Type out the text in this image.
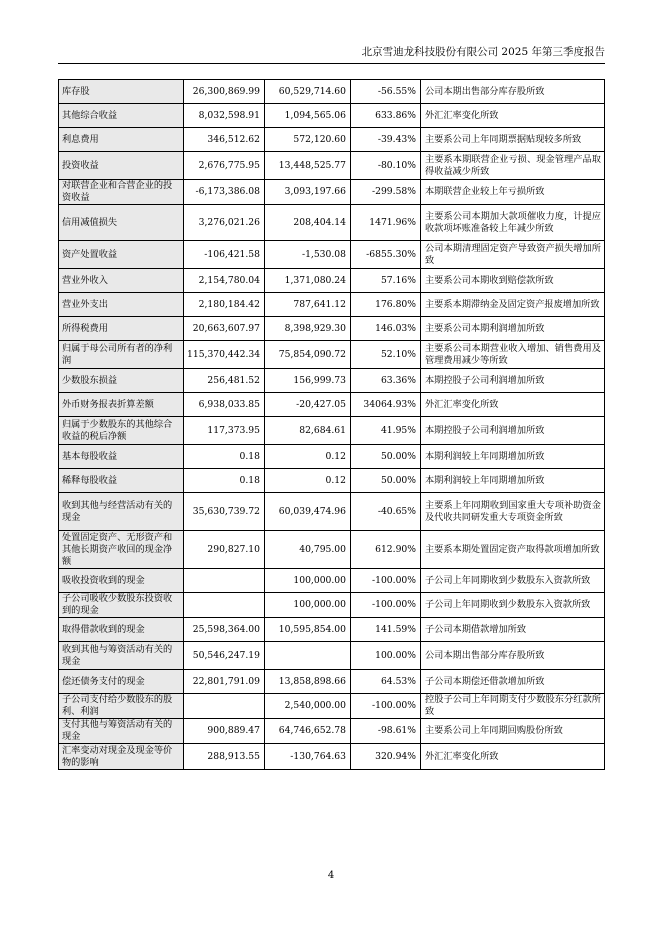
北京雪迪龙科技股份有限公司 2025 年第三季度报告
库存股	26,300,869.99	60,529,714.60	-56.55%	公司本期出售部分库存股所致
其他综合收益	8,032,598.91	1,094,565.06	633.86%	外汇汇率变化所致
利息费用	346,512.62	572,120.60	-39.43%	主要系公司上年同期票据贴现较多所致
投资收益	2,676,775.95	13,448,525.77	-80.10%	主要系本期联营企业亏损、现金管理产品取得收益减少所致
对联营企业和合营企业的投资收益	-6,173,386.08	3,093,197.66	-299.58%	本期联营企业较上年亏损所致
信用减值损失	3,276,021.26	208,404.14	1471.96%	主要系公司本期加大款项催收力度，计提应收款项坏账准备较上年减少所致
资产处置收益	-106,421.58	-1,530.08	-6855.30%	公司本期清理固定资产导致资产损失增加所致
营业外收入	2,154,780.04	1,371,080.24	57.16%	主要系公司本期收到赔偿款所致
营业外支出	2,180,184.42	787,641.12	176.80%	主要系本期滞纳金及固定资产报废增加所致
所得税费用	20,663,607.97	8,398,929.30	146.03%	主要系公司本期利润增加所致
归属于母公司所有者的净利润	115,370,442.34	75,854,090.72	52.10%	主要系公司本期营业收入增加、销售费用及管理费用减少等所致
少数股东损益	256,481.52	156,999.73	63.36%	本期控股子公司利润增加所致
外币财务报表折算差额	6,938,033.85	-20,427.05	34064.93%	外汇汇率变化所致
归属于少数股东的其他综合收益的税后净额	117,373.95	82,684.61	41.95%	本期控股子公司利润增加所致
基本每股收益	0.18	0.12	50.00%	本期利润较上年同期增加所致
稀释每股收益	0.18	0.12	50.00%	本期利润较上年同期增加所致
收到其他与经营活动有关的现金	35,630,739.72	60,039,474.96	-40.65%	主要系上年同期收到国家重大专项补助资金及代收共同研发重大专项资金所致
处置固定资产、无形资产和其他长期资产收回的现金净额	290,827.10	40,795.00	612.90%	主要系本期处置固定资产取得款项增加所致
吸收投资收到的现金		100,000.00	-100.00%	子公司上年同期收到少数股东入资款所致
子公司吸收少数股东投资收到的现金		100,000.00	-100.00%	子公司上年同期收到少数股东入资款所致
取得借款收到的现金	25,598,364.00	10,595,854.00	141.59%	子公司本期借款增加所致
收到其他与筹资活动有关的现金	50,546,247.19		100.00%	公司本期出售部分库存股所致
偿还债务支付的现金	22,801,791.09	13,858,898.66	64.53%	子公司本期偿还借款增加所致
子公司支付给少数股东的股利、利润		2,540,000.00	-100.00%	控股子公司上年同期支付少数股东分红款所致
支付其他与筹资活动有关的现金	900,889.47	64,746,652.78	-98.61%	主要系公司上年同期回购股份所致
汇率变动对现金及现金等价物的影响	288,913.55	-130,764.63	320.94%	外汇汇率变化所致
4
